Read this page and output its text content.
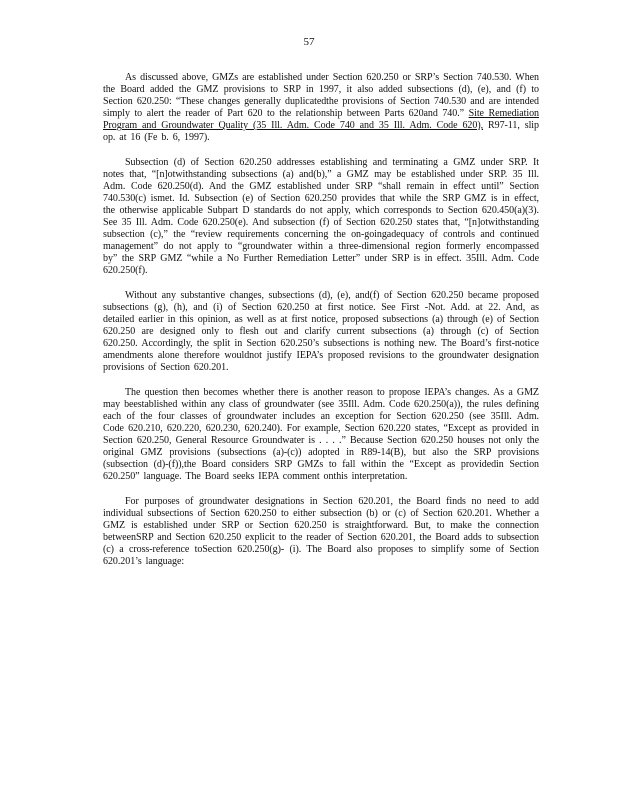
57

As discussed above, GMZs are established under Section 620.250 or SRP’s Section 740.530. When the Board added the GMZ provisions to SRP in 1997, it also added subsections (d), (e), and (f) to Section 620.250: “These changes generally duplicatedthe provisions of Section 740.530 and are intended simply to alert the reader of Part 620 to the relationship between Parts 620and 740.” Site Remediation Program and Groundwater Quality (35 Ill. Adm. Code 740 and 35 Ill. Adm. Code 620), R97-11, slip op. at 16 (Fe b. 6, 1997).

Subsection (d) of Section 620.250 addresses establishing and terminating a GMZ under SRP. It notes that, “[n]otwithstanding subsections (a) and(b),” a GMZ may be established under SRP. 35 Ill. Adm. Code 620.250(d). And the GMZ established under SRP “shall remain in effect until” Section 740.530(c) ismet. Id. Subsection (e) of Section 620.250 provides that while the SRP GMZ is in effect, the otherwise applicable Subpart D standards do not apply, which corresponds to Section 620.450(a)(3). See 35 Ill. Adm. Code 620.250(e). And subsection (f) of Section 620.250 states that, “[n]otwithstanding subsection (c),” the “review requirements concerning the on-goingadequacy of controls and continued management” do not apply to “groundwater within a three-dimensional region formerly encompassed by” the SRP GMZ “while a No Further Remediation Letter” under SRP is in effect. 35Ill. Adm. Code 620.250(f).

Without any substantive changes, subsections (d), (e), and(f) of Section 620.250 became proposed subsections (g), (h), and (i) of Section 620.250 at first notice. See First -Not. Add. at 22. And, as detailed earlier in this opinion, as well as at first notice, proposed subsections (a) through (e) of Section 620.250 are designed only to flesh out and clarify current subsections (a) through (c) of Section 620.250. Accordingly, the split in Section 620.250’s subsections is nothing new. The Board’s first-notice amendments alone therefore wouldnot justify IEPA’s proposed revisions to the groundwater designation provisions of Section 620.201.

The question then becomes whether there is another reason to propose IEPA’s changes. As a GMZ may beestablished within any class of groundwater (see 35Ill. Adm. Code 620.250(a)), the rules defining each of the four classes of groundwater includes an exception for Section 620.250 (see 35Ill. Adm. Code 620.210, 620.220, 620.230, 620.240). For example, Section 620.220 states, “Except as provided in Section 620.250, General Resource Groundwater is . . . .” Because Section 620.250 houses not only the original GMZ provisions (subsections (a)-(c)) adopted in R89-14(B), but also the SRP provisions (subsection (d)-(f)),the Board considers SRP GMZs to fall within the “Except as providedin Section 620.250” language. The Board seeks IEPA comment onthis interpretation.

For purposes of groundwater designations in Section 620.201, the Board finds no need to add individual subsections of Section 620.250 to either subsection (b) or (c) of Section 620.201. Whether a GMZ is established under SRP or Section 620.250 is straightforward. But, to make the connection betweenSRP and Section 620.250 explicit to the reader of Section 620.201, the Board adds to subsection (c) a cross-reference toSection 620.250(g)- (i). The Board also proposes to simplify some of Section 620.201’s language:
